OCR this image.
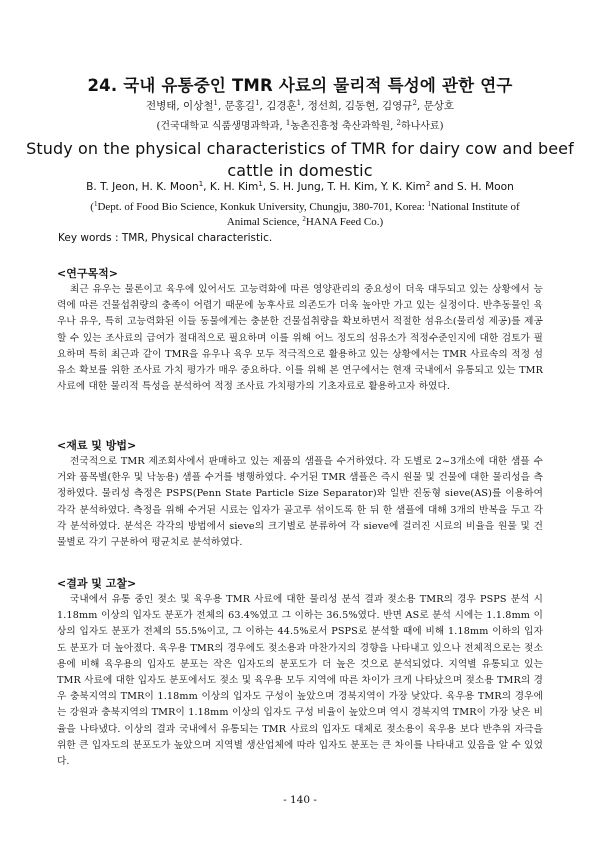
24. 국내 유통중인 TMR 사료의 물리적 특성에 관한 연구
전병태, 이상철$^1$, 문홍길$^1$, 김경훈$^1$, 정선희, 김동현, 김영규$^2$, 문상호
(건국대학교 식품생명과학과, $^1$농촌진흥청 축산과학원, $^2$하나사료)
Study on the physical characteristics of TMR for dairy cow and beef cattle in domestic
B. T. Jeon, H. K. Moon$^1$, K. H. Kim$^1$, S. H. Jung, T. H. Kim, Y. K. Kim$^2$ and S. H. Moon
($^1$Dept. of Food Bio Science, Konkuk University, Chungju, 380-701, Korea: $^1$National Institute of Animal Science, $^2$HANA Feed Co.)
Key words : TMR, Physical characteristic.
<연구목적>
최근 유우는 물론이고 육우에 있어서도 고능력화에 따른 영양관리의 중요성이 더욱 대두되고 있는 상황에서 능력에 따른 건물섭취량의 충족이 어렵기 때문에 농후사료 의존도가 더욱 높아만 가고 있는 실정이다. 반추동물인 육우나 유우, 특히 고능력화된 이들 동물에게는 충분한 건물섭취량을 확보하면서 적절한 섬유소(물리성 제공)를 제공할 수 있는 조사료의 급여가 절대적으로 필요하며 이를 위해 어느 정도의 섬유소가 적정수준인지에 대한 검토가 필요하며 특히 최근과 같이 TMR을 유우나 육우 모두 적극적으로 활용하고 있는 상황에서는 TMR 사료속의 적정 섬유소 확보를 위한 조사료 가치 평가가 매우 중요하다. 이를 위해 본 연구에서는 현재 국내에서 유통되고 있는 TMR 사료에 대한 물리적 특성을 분석하여 적정 조사료 가치평가의 기초자료로 활용하고자 하였다.
<재료 및 방법>
전국적으로 TMR 제조회사에서 판매하고 있는 제품의 샘플을 수거하였다. 각 도별로 2~3개소에 대한 샘플 수거와 품목별(한우 및 낙농용) 샘플 수거를 병행하였다. 수거된 TMR 샘플은 즉시 원물 및 건물에 대한 물리성을 측정하였다. 물리성 측정은 PSPS(Penn State Particle Size Separator)와 일반 진동형 sieve(AS)를 이용하여 각각 분석하였다. 측정을 위해 수거된 시료는 입자가 골고루 섞이도록 한 뒤 한 샘플에 대해 3개의 반복을 두고 각각 분석하였다. 분석은 각각의 방법에서 sieve의 크기별로 분류하여 각 sieve에 걸러진 시료의 비율을 원물 및 건물별로 각기 구분하여 평균치로 분석하였다.
<결과 및 고찰>
국내에서 유통 중인 젖소 및 육우용 TMR 사료에 대한 물리성 분석 결과 젖소용 TMR의 경우 PSPS 분석 시 1.18mm 이상의 입자도 분포가 전체의 63.4%였고 그 이하는 36.5%였다. 반면 AS로 분석 시에는 1.1.8mm 이상의 입자도 분포가 전체의 55.5%이고, 그 이하는 44.5%로서 PSPS로 분석할 때에 비해 1.18mm 이하의 입자도 분포가 더 높아졌다. 육우용 TMR의 경우에도 젖소용과 마찬가지의 경향을 나타내고 있으나 전체적으로는 젖소용에 비해 육우용의 입자도 분포는 작은 입자도의 분포도가 더 높은 것으로 분석되었다. 지역별 유통되고 있는 TMR 사료에 대한 입자도 분포에서도 젖소 및 육우용 모두 지역에 따른 차이가 크게 나타났으며 젖소용 TMR의 경우 충북지역의 TMR이 1.18mm 이상의 입자도 구성이 높았으며 경북지역이 가장 낮았다. 육우용 TMR의 경우에는 강원과 충북지역의 TMR이 1.18mm 이상의 입자도 구성 비율이 높았으며 역시 경북지역 TMR이 가장 낮은 비율을 나타냈다. 이상의 결과 국내에서 유통되는 TMR 사료의 입자도 대체로 젖소용이 육우용 보다 반추위 자극을 위한 큰 입자도의 분포도가 높았으며 지역별 생산업체에 따라 입자도 분포는 큰 차이를 나타내고 있음을 알 수 있었다.
- 140 -
